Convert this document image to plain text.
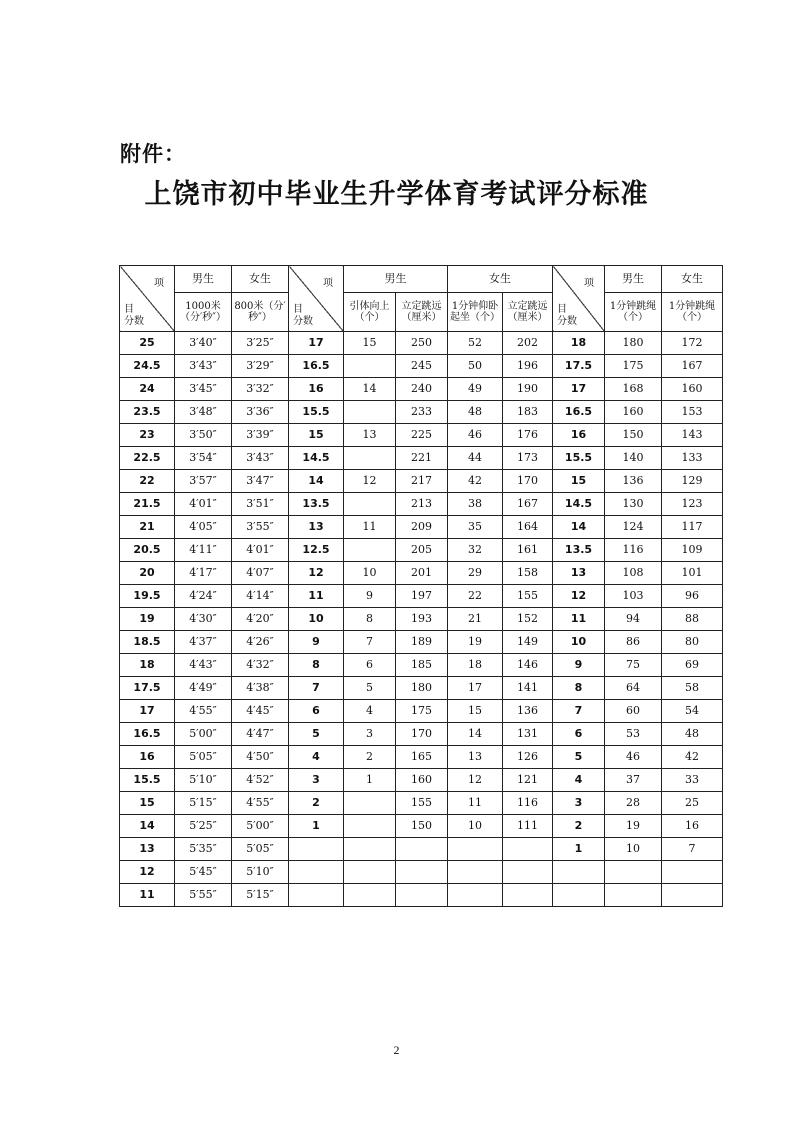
附件：
上饶市初中毕业生升学体育考试评分标准
项
目
分数	男生	女生	项
目
分数	男生		女生		项
目
分数	男生	女生
	1000米（分′秒″）	800米（分′秒″）		引体向上（个）	立定跳远（厘米）	1分钟仰卧起坐（个）	立定跳远（厘米）		1分钟跳绳（个）	1分钟跳绳（个）
25	3′40″	3′25″	17	15	250	52	202	18	180	172
24.5	3′43″	3′29″	16.5		245	50	196	17.5	175	167
24	3′45″	3′32″	16	14	240	49	190	17	168	160
23.5	3′48″	3′36″	15.5		233	48	183	16.5	160	153
23	3′50″	3′39″	15	13	225	46	176	16	150	143
22.5	3′54″	3′43″	14.5		221	44	173	15.5	140	133
22	3′57″	3′47″	14	12	217	42	170	15	136	129
21.5	4′01″	3′51″	13.5		213	38	167	14.5	130	123
21	4′05″	3′55″	13	11	209	35	164	14	124	117
20.5	4′11″	4′01″	12.5		205	32	161	13.5	116	109
20	4′17″	4′07″	12	10	201	29	158	13	108	101
19.5	4′24″	4′14″	11	9	197	22	155	12	103	96
19	4′30″	4′20″	10	8	193	21	152	11	94	88
18.5	4′37″	4′26″	9	7	189	19	149	10	86	80
18	4′43″	4′32″	8	6	185	18	146	9	75	69
17.5	4′49″	4′38″	7	5	180	17	141	8	64	58
17	4′55″	4′45″	6	4	175	15	136	7	60	54
16.5	5′00″	4′47″	5	3	170	14	131	6	53	48
16	5′05″	4′50″	4	2	165	13	126	5	46	42
15.5	5′10″	4′52″	3	1	160	12	121	4	37	33
15	5′15″	4′55″	2		155	11	116	3	28	25
14	5′25″	5′00″	1		150	10	111	2	19	16
13	5′35″	5′05″						1	10	7
12	5′45″	5′10″								
11	5′55″	5′15″								
2
